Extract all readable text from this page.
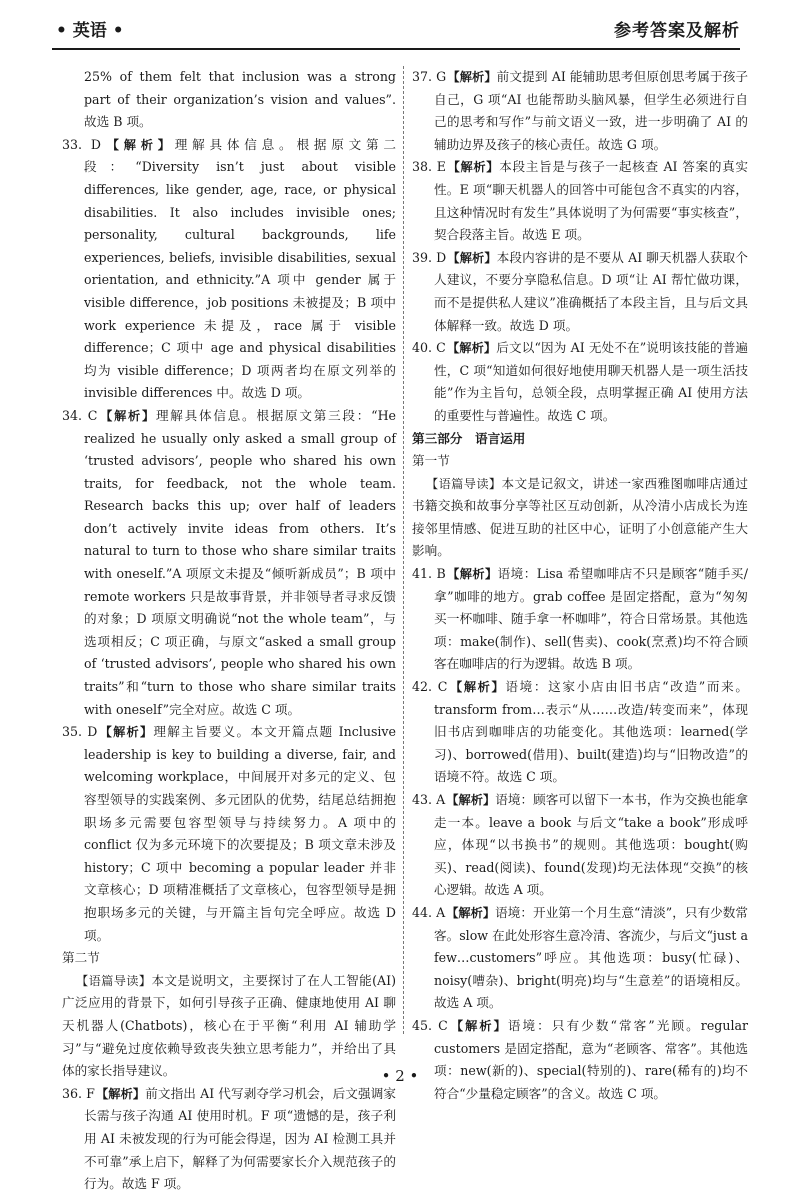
• 英语 •	参考答案及解析

25% of them felt that inclusion was a strong part of their organization’s vision and values”. 故选 B 项。

33. D【解析】理解具体信息。根据原文第二段：“Diversity isn’t just about visible differences, like gender, age, race, or physical disabilities. It also includes invisible ones; personality, cultural backgrounds, life experiences, beliefs, invisible disabilities, sexual orientation, and ethnicity.”A 项中 gender 属于 visible difference，job positions 未被提及；B 项中 work experience 未提及，race 属于 visible difference；C 项中 age and physical disabilities 均为 visible difference；D 项两者均在原文列举的 invisible differences 中。故选 D 项。

34. C【解析】理解具体信息。根据原文第三段：“He realized he usually only asked a small group of ‘trusted advisors’, people who shared his own traits, for feedback, not the whole team. Research backs this up; over half of leaders don’t actively invite ideas from others. It’s natural to turn to those who share similar traits with oneself.”A 项原文未提及“倾听新成员”；B 项中 remote workers 只是故事背景，并非领导者寻求反馈的对象；D 项原文明确说“not the whole team”，与选项相反；C 项正确，与原文“asked a small group of ‘trusted advisors’, people who shared his own traits”和“turn to those who share similar traits with oneself”完全对应。故选 C 项。

35. D【解析】理解主旨要义。本文开篇点题 Inclusive leadership is key to building a diverse, fair, and welcoming workplace，中间展开对多元的定义、包容型领导的实践案例、多元团队的优势，结尾总结拥抱职场多元需要包容型领导与持续努力。A 项中的 conflict 仅为多元环境下的次要提及；B 项文章未涉及 history；C 项中 becoming a popular leader 并非文章核心；D 项精准概括了文章核心，包容型领导是拥抱职场多元的关键，与开篇主旨句完全呼应。故选 D 项。

第二节

【语篇导读】本文是说明文，主要探讨了在人工智能(AI)广泛应用的背景下，如何引导孩子正确、健康地使用 AI 聊天机器人(Chatbots)，核心在于平衡“利用 AI 辅助学习”与“避免过度依赖导致丧失独立思考能力”，并给出了具体的家长指导建议。

36. F【解析】前文指出 AI 代写剥夺学习机会，后文强调家长需与孩子沟通 AI 使用时机。F 项“遗憾的是，孩子利用 AI 未被发现的行为可能会得逞，因为 AI 检测工具并不可靠”承上启下，解释了为何需要家长介入规范孩子的行为。故选 F 项。

37. G【解析】前文提到 AI 能辅助思考但原创思考属于孩子自己，G 项“AI 也能帮助头脑风暴，但学生必须进行自己的思考和写作”与前文语义一致，进一步明确了 AI 的辅助边界及孩子的核心责任。故选 G 项。

38. E【解析】本段主旨是与孩子一起核查 AI 答案的真实性。E 项“聊天机器人的回答中可能包含不真实的内容，且这种情况时有发生”具体说明了为何需要“事实核查”，契合段落主旨。故选 E 项。

39. D【解析】本段内容讲的是不要从 AI 聊天机器人获取个人建议，不要分享隐私信息。D 项“让 AI 帮忙做功课，而不是提供私人建议”准确概括了本段主旨，且与后文具体解释一致。故选 D 项。

40. C【解析】后文以“因为 AI 无处不在”说明该技能的普遍性，C 项“知道如何很好地使用聊天机器人是一项生活技能”作为主旨句，总领全段，点明掌握正确 AI 使用方法的重要性与普遍性。故选 C 项。

第三部分　语言运用

第一节

【语篇导读】本文是记叙文，讲述一家西雅图咖啡店通过书籍交换和故事分享等社区互动创新，从冷清小店成长为连接邻里情感、促进互助的社区中心，证明了小创意能产生大影响。

41. B【解析】语境：Lisa 希望咖啡店不只是顾客“随手买/拿”咖啡的地方。grab coffee 是固定搭配，意为“匆匆买一杯咖啡、随手拿一杯咖啡”，符合日常场景。其他选项：make(制作)、sell(售卖)、cook(烹煮)均不符合顾客在咖啡店的行为逻辑。故选 B 项。

42. C【解析】语境：这家小店由旧书店“改造”而来。transform from…表示“从……改造/转变而来”，体现旧书店到咖啡店的功能变化。其他选项：learned(学习)、borrowed(借用)、built(建造)均与“旧物改造”的语境不符。故选 C 项。

43. A【解析】语境：顾客可以留下一本书，作为交换也能拿走一本。leave a book 与后文“take a book”形成呼应，体现“以书换书”的规则。其他选项：bought(购买)、read(阅读)、found(发现)均无法体现“交换”的核心逻辑。故选 A 项。

44. A【解析】语境：开业第一个月生意“清淡”，只有少数常客。slow 在此处形容生意冷清、客流少，与后文“just a few…customers”呼应。其他选项：busy(忙碌)、noisy(嘈杂)、bright(明亮)均与“生意差”的语境相反。故选 A 项。

45. C【解析】语境：只有少数“常客”光顾。regular customers 是固定搭配，意为“老顾客、常客”。其他选项：new(新的)、special(特别的)、rare(稀有的)均不符合“少量稳定顾客”的含义。故选 C 项。

• 2 •
